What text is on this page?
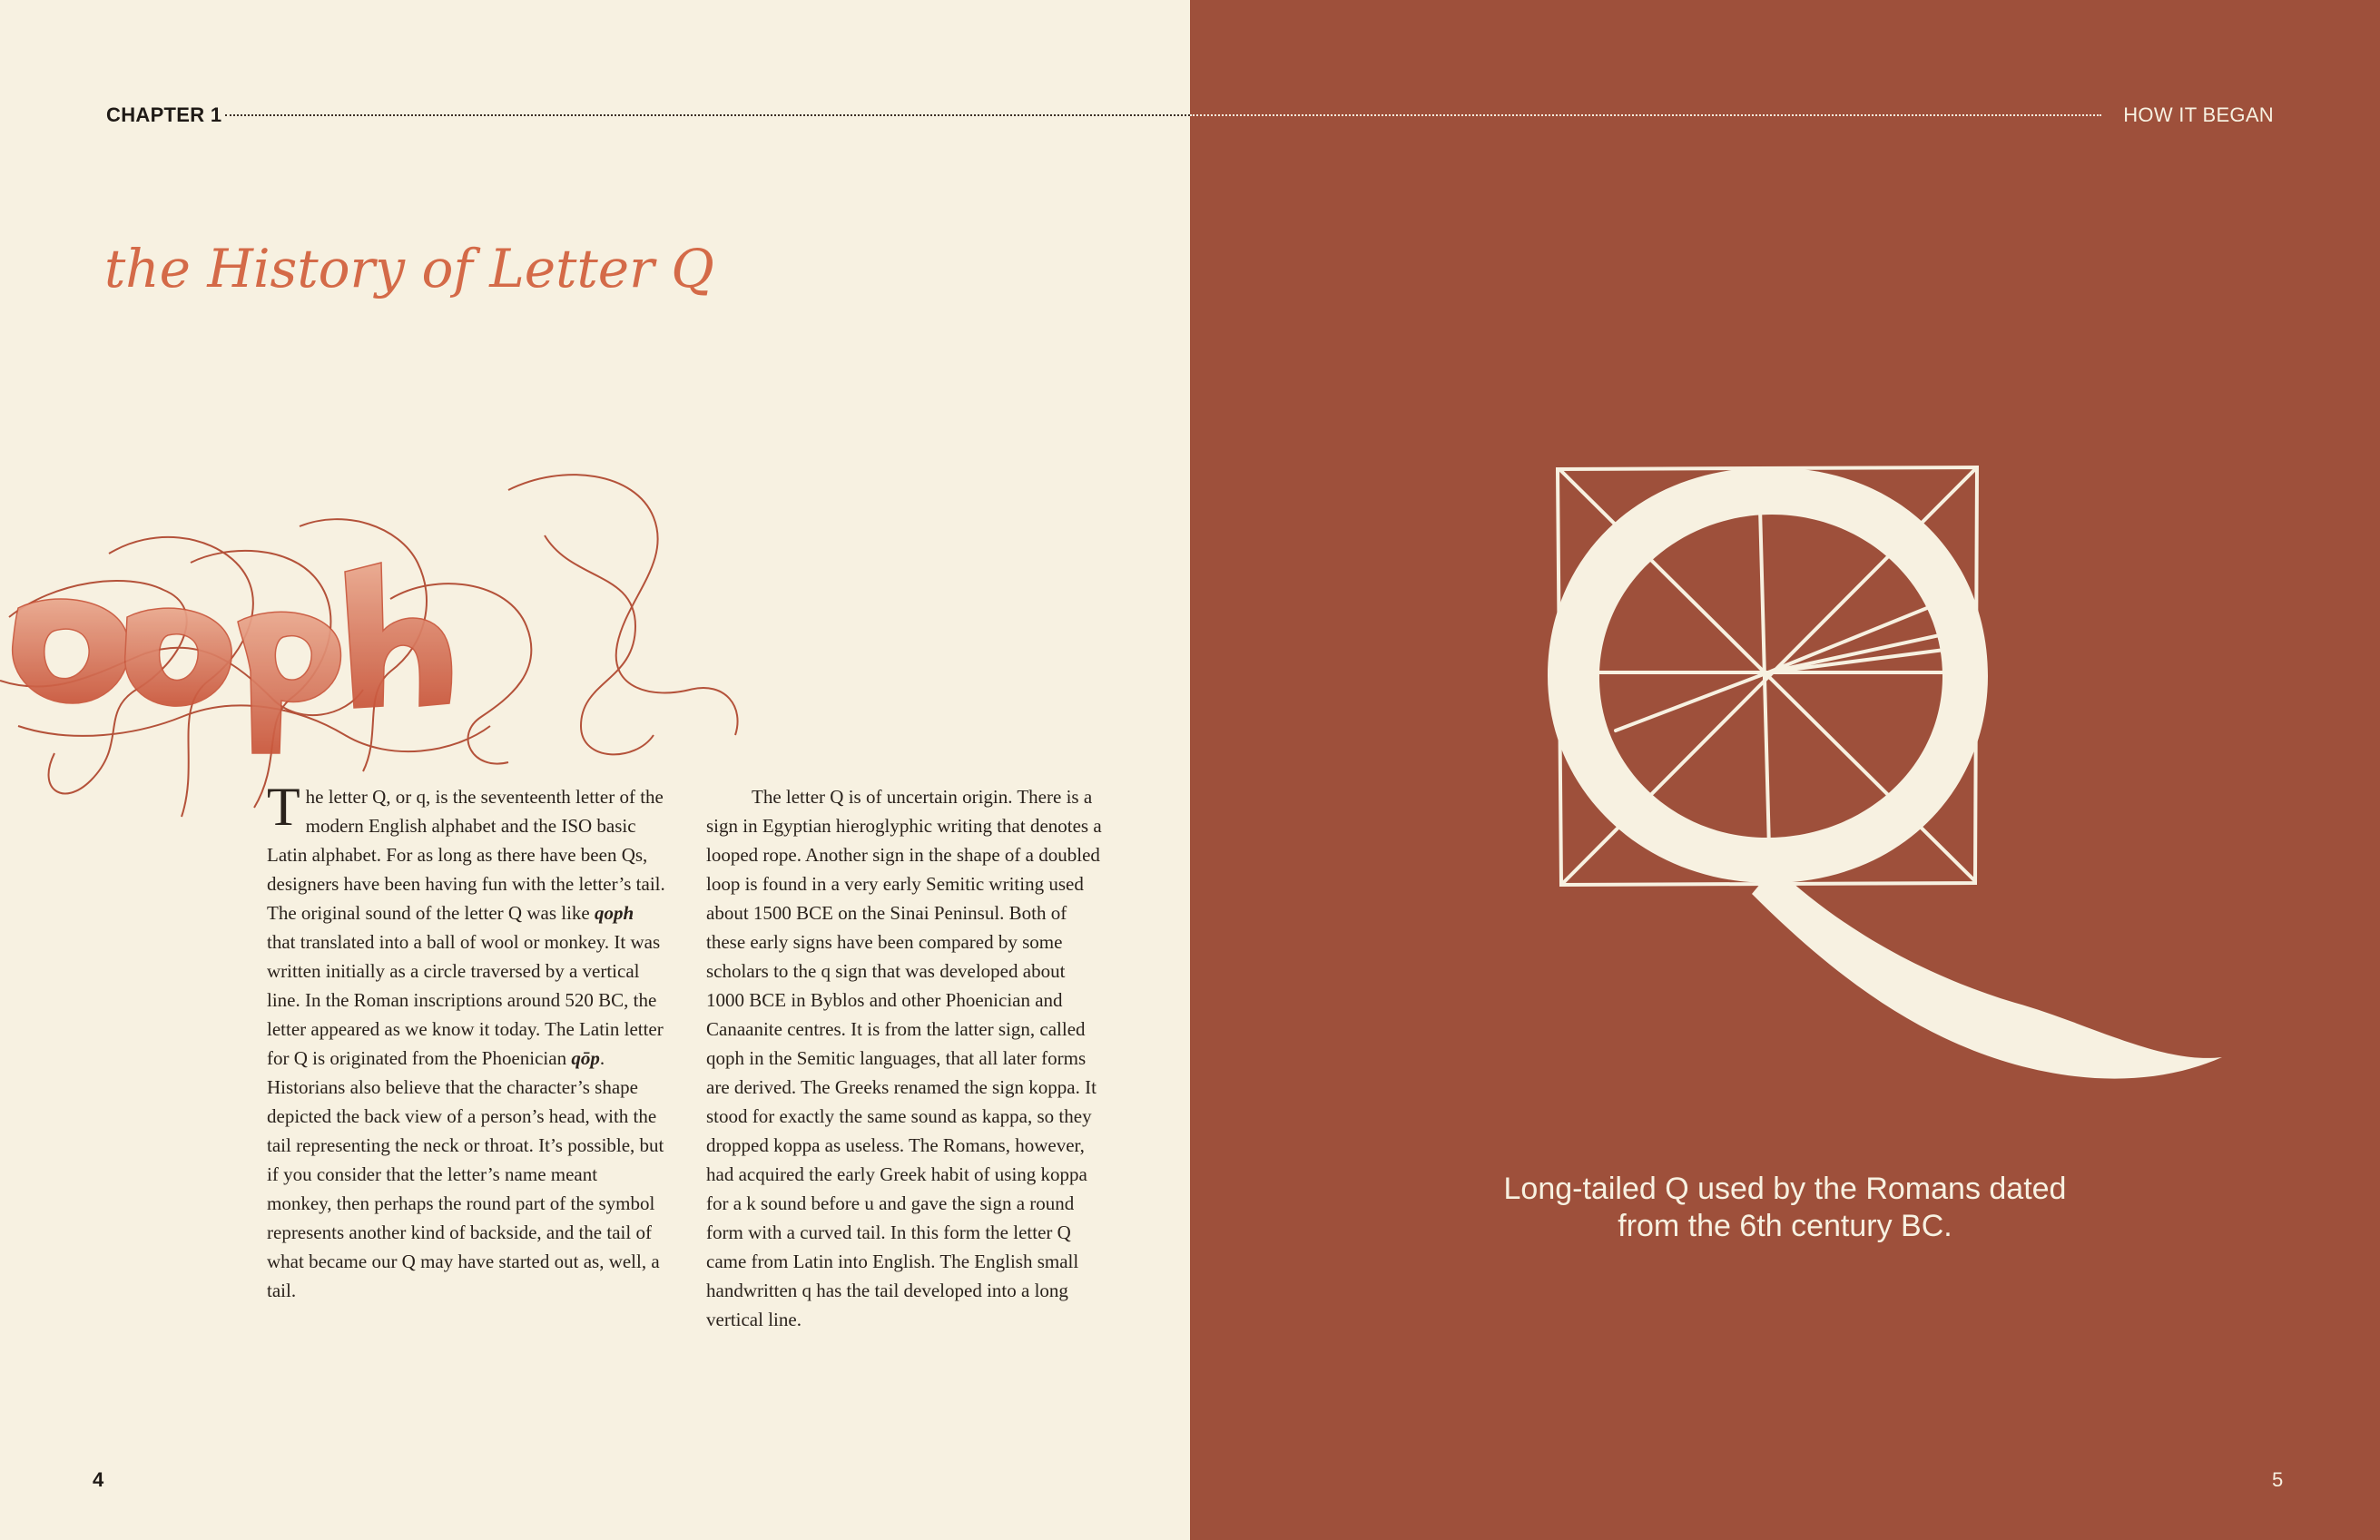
CHAPTER 1	HOW IT BEGAN
the History of Letter Q

The letter Q, or q, is the seventeenth letter of the modern English alphabet and the ISO basic Latin alphabet. For as long as there have been Qs, designers have been having fun with the letter’s tail. The original sound of the letter Q was like qoph that translated into a ball of wool or monkey. It was written initially as a circle traversed by a vertical line. In the Roman inscriptions around 520 BC, the letter appeared as we know it today. The Latin letter for Q is originated from the Phoenician qōp. Historians also believe that the character’s shape depicted the back view of a person’s head, with the tail representing the neck or throat. It’s possible, but if you consider that the letter’s name meant monkey, then perhaps the round part of the symbol represents another kind of backside, and the tail of what became our Q may have started out as, well, a tail.

The letter Q is of uncertain origin. There is a sign in Egyptian hieroglyphic writing that denotes a looped rope. Another sign in the shape of a doubled loop is found in a very early Semitic writing used about 1500 BCE on the Sinai Peninsul. Both of these early signs have been compared by some scholars to the q sign that was developed about 1000 BCE in Byblos and other Phoenician and Canaanite centres. It is from the latter sign, called qoph in the Semitic languages, that all later forms are derived. The Greeks renamed the sign koppa. It stood for exactly the same sound as kappa, so they dropped koppa as useless. The Romans, however, had acquired the early Greek habit of using koppa for a k sound before u and gave the sign a round form with a curved tail. In this form the letter Q came from Latin into English. The English small handwritten q has the tail developed into a long vertical line.

Long-tailed Q used by the Romans dated
from the 6th century BC.
4	5
